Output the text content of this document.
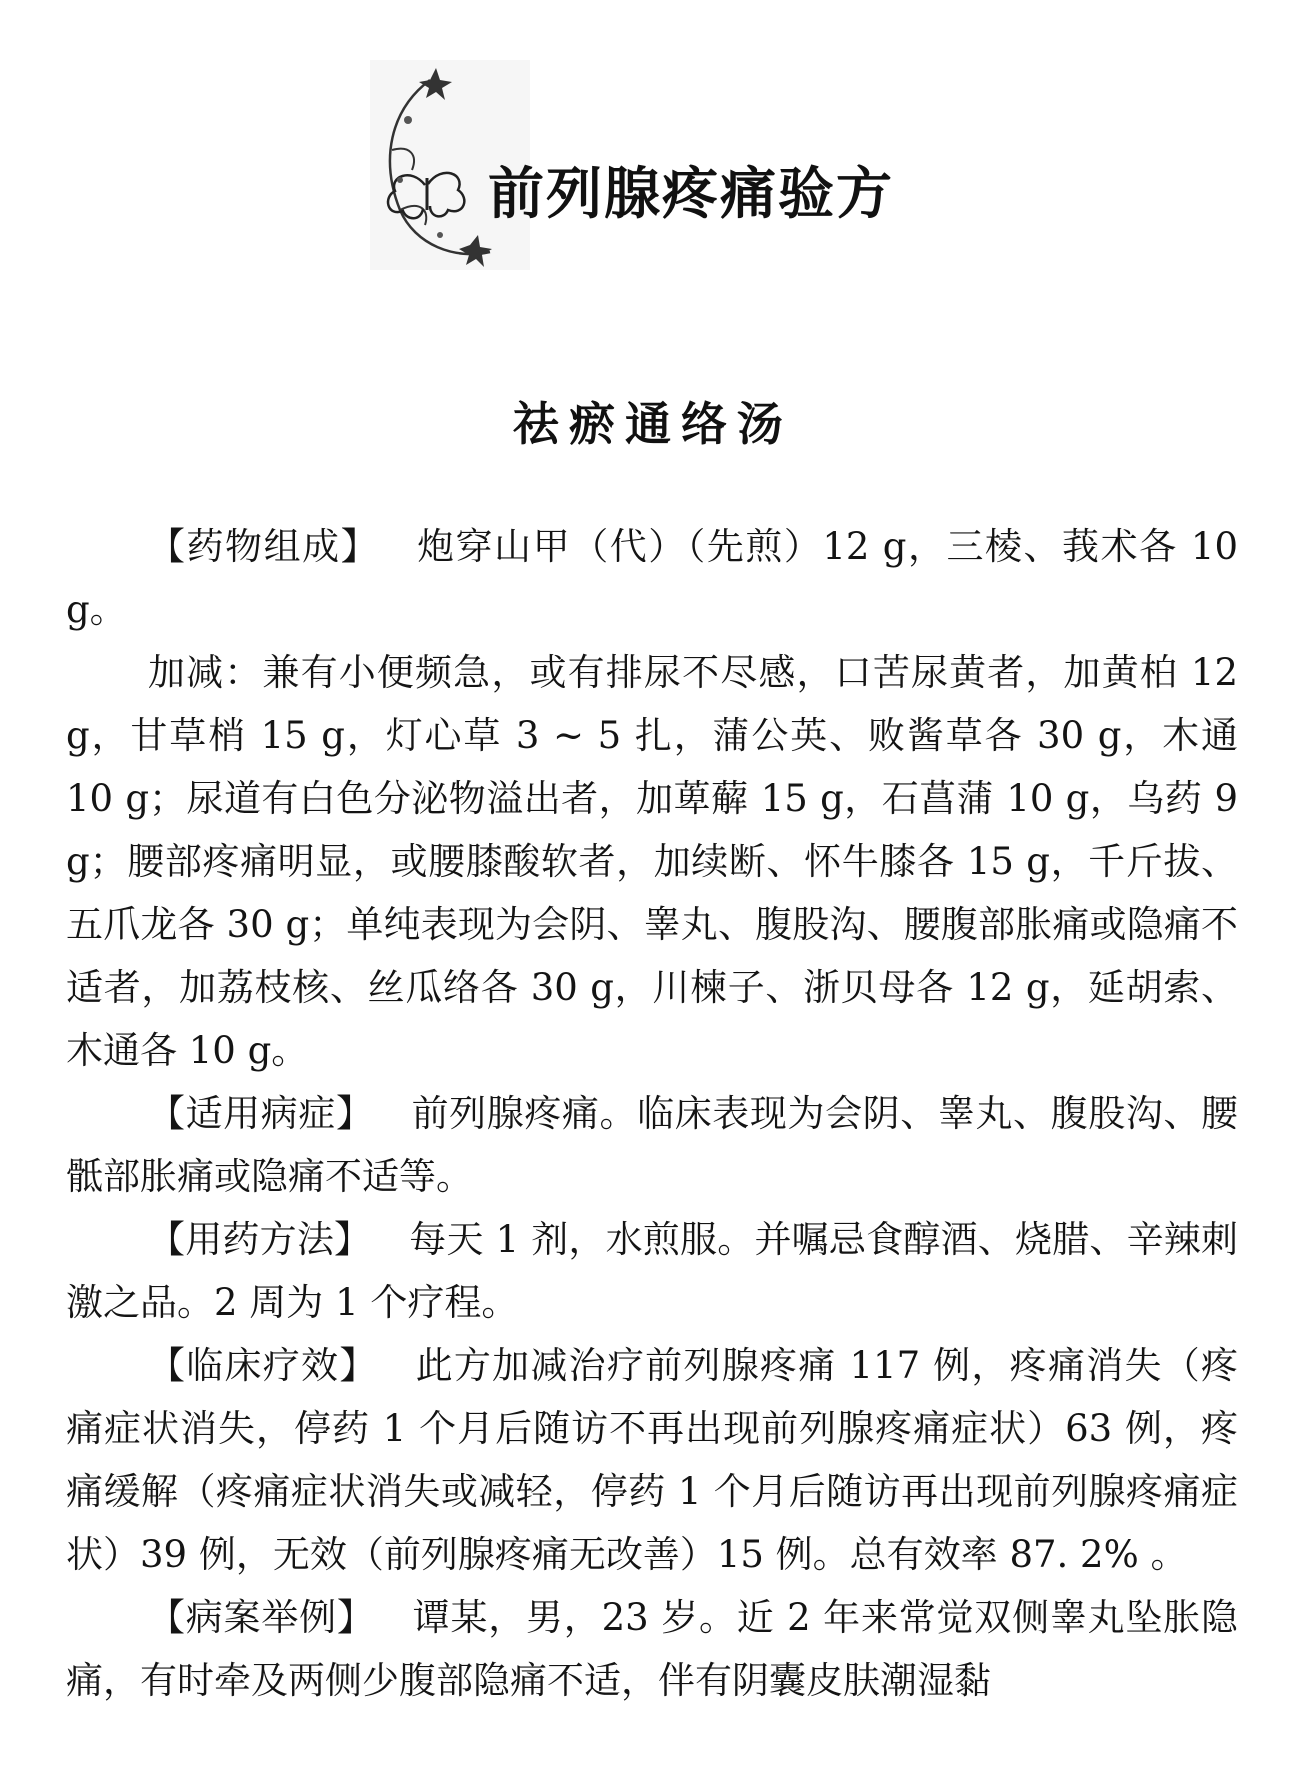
前列腺疼痛验方
祛瘀通络汤

【药物组成】 炮穿山甲（代）（先煎）12 g，三棱、莪术各 10 g。

加减：兼有小便频急，或有排尿不尽感，口苦尿黄者，加黄柏 12 g，甘草梢 15 g，灯心草 3 ~ 5 扎，蒲公英、败酱草各 30 g，木通 10 g；尿道有白色分泌物溢出者，加萆薢 15 g，石菖蒲 10 g，乌药 9 g；腰部疼痛明显，或腰膝酸软者，加续断、怀牛膝各 15 g，千斤拔、五爪龙各 30 g；单纯表现为会阴、睾丸、腹股沟、腰腹部胀痛或隐痛不适者，加荔枝核、丝瓜络各 30 g，川楝子、浙贝母各 12 g，延胡索、木通各 10 g。

【适用病症】 前列腺疼痛。临床表现为会阴、睾丸、腹股沟、腰骶部胀痛或隐痛不适等。

【用药方法】 每天 1 剂，水煎服。并嘱忌食醇酒、烧腊、辛辣刺激之品。2 周为 1 个疗程。

【临床疗效】 此方加减治疗前列腺疼痛 117 例，疼痛消失（疼痛症状消失，停药 1 个月后随访不再出现前列腺疼痛症状）63 例，疼痛缓解（疼痛症状消失或减轻，停药 1 个月后随访再出现前列腺疼痛症状）39 例，无效（前列腺疼痛无改善）15 例。总有效率 87. 2% 。

【病案举例】 谭某，男，23 岁。近 2 年来常觉双侧睾丸坠胀隐痛，有时牵及两侧少腹部隐痛不适，伴有阴囊皮肤潮湿黏
